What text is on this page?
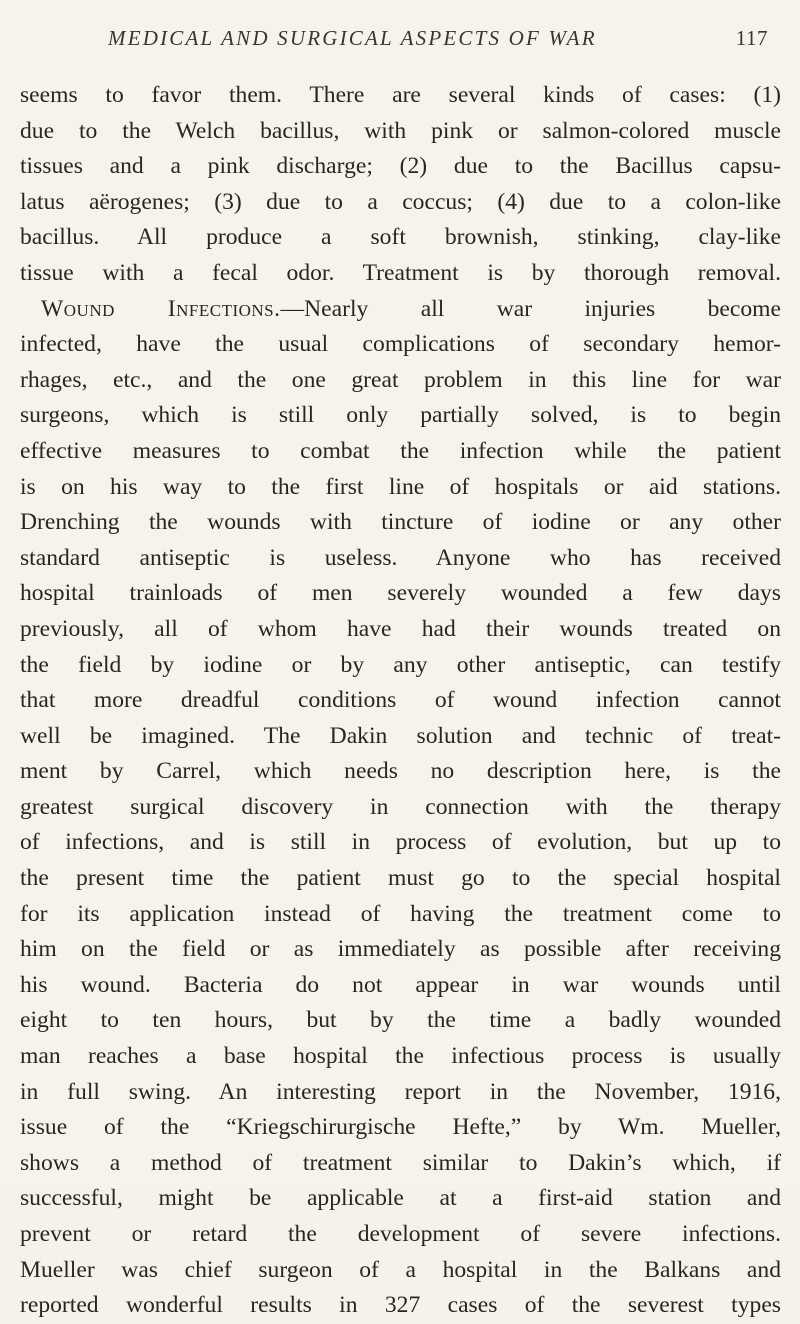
MEDICAL AND SURGICAL ASPECTS OF WAR	117
seems to favor them. There are several kinds of cases: (1)
due to the Welch bacillus, with pink or salmon-colored muscle
tissues and a pink discharge; (2) due to the Bacillus capsu-
latus aërogenes; (3) due to a coccus; (4) due to a colon-like
bacillus. All produce a soft brownish, stinking, clay-like
tissue with a fecal odor. Treatment is by thorough removal.
Wound Infections.—Nearly all war injuries become
infected, have the usual complications of secondary hemor-
rhages, etc., and the one great problem in this line for war
surgeons, which is still only partially solved, is to begin
effective measures to combat the infection while the patient
is on his way to the first line of hospitals or aid stations.
Drenching the wounds with tincture of iodine or any other
standard antiseptic is useless. Anyone who has received
hospital trainloads of men severely wounded a few days
previously, all of whom have had their wounds treated on
the field by iodine or by any other antiseptic, can testify
that more dreadful conditions of wound infection cannot
well be imagined. The Dakin solution and technic of treat-
ment by Carrel, which needs no description here, is the
greatest surgical discovery in connection with the therapy
of infections, and is still in process of evolution, but up to
the present time the patient must go to the special hospital
for its application instead of having the treatment come to
him on the field or as immediately as possible after receiving
his wound. Bacteria do not appear in war wounds until
eight to ten hours, but by the time a badly wounded
man reaches a base hospital the infectious process is usually
in full swing. An interesting report in the November, 1916,
issue of the “Kriegschirurgische Hefte,” by Wm. Mueller,
shows a method of treatment similar to Dakin’s which, if
successful, might be applicable at a first-aid station and
prevent or retard the development of severe infections.
Mueller was chief surgeon of a hospital in the Balkans and
reported wonderful results in 327 cases of the severest types
